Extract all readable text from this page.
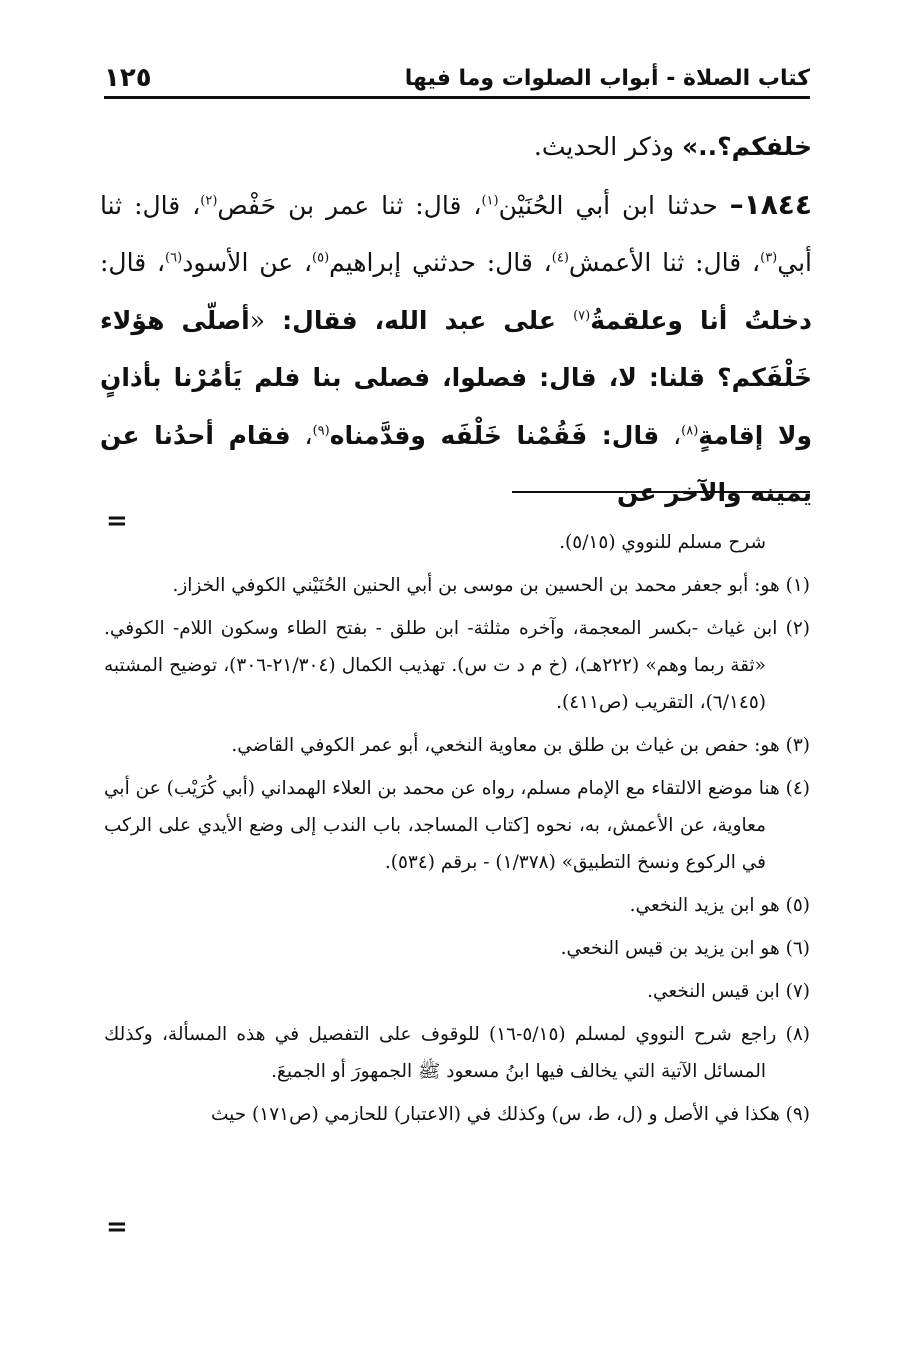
كتاب الصلاة - أبواب الصلوات وما فيها
١٢٥

خلفكم؟..» وذكر الحديث.

١٨٤٤– حدثنا ابن أبي الحُنَيْن$^{(١)}$، قال: ثنا عمر بن حَفْص$^{(٢)}$، قال: ثنا أبي$^{(٣)}$، قال: ثنا الأعمش$^{(٤)}$، قال: حدثني إبراهيم$^{(٥)}$، عن الأسود$^{(٦)}$، قال: دخلتُ أنا وعلقمةُ$^{(٧)}$ على عبد الله، فقال: «أصلّى هؤلاء خَلْفَكم؟ قلنا: لا، قال: فصلوا، فصلى بنا فلم يَأمُرْنا بأذانٍ ولا إقامةٍ$^{(٨)}$، قال: فَقُمْنا خَلْفَه وقدَّمناه$^{(٩)}$، فقام أحدُنا عن يمينه والآخر عن

=

شرح مسلم للنووي (٥/١٥).

(١) هو: أبو جعفر محمد بن الحسين بن موسى بن أبي الحنين الحُنَيْني الكوفي الخزاز.

(٢) ابن غياث -بكسر المعجمة، وآخره مثلثة- ابن طلق - بفتح الطاء وسكون اللام- الكوفي. «ثقة ربما وهم» (٢٢٢هـ)، (خ م د ت س). تهذيب الكمال (٢١/٣٠٤-٣٠٦)، توضيح المشتبه (٦/١٤٥)، التقريب (ص٤١١).

(٣) هو: حفص بن غياث بن طلق بن معاوية النخعي، أبو عمر الكوفي القاضي.

(٤) هنا موضع الالتقاء مع الإمام مسلم، رواه عن محمد بن العلاء الهمداني (أبي كُرَيْب) عن أبي معاوية، عن الأعمش، به، نحوه [كتاب المساجد، باب الندب إلى وضع الأيدي على الركب في الركوع ونسخ التطبيق» (١/٣٧٨) - برقم (٥٣٤).

(٥) هو ابن يزيد النخعي.

(٦) هو ابن يزيد بن قيس النخعي.

(٧) ابن قيس النخعي.

(٨) راجع شرح النووي لمسلم (٥/١٥-١٦) للوقوف على التفصيل في هذه المسألة، وكذلك المسائل الآتية التي يخالف فيها ابنُ مسعود ﷺ الجمهورَ أو الجميعَ.

(٩) هكذا في الأصل و (ل، ط، س) وكذلك في (الاعتبار) للحازمي (ص١٧١) حيث

=
